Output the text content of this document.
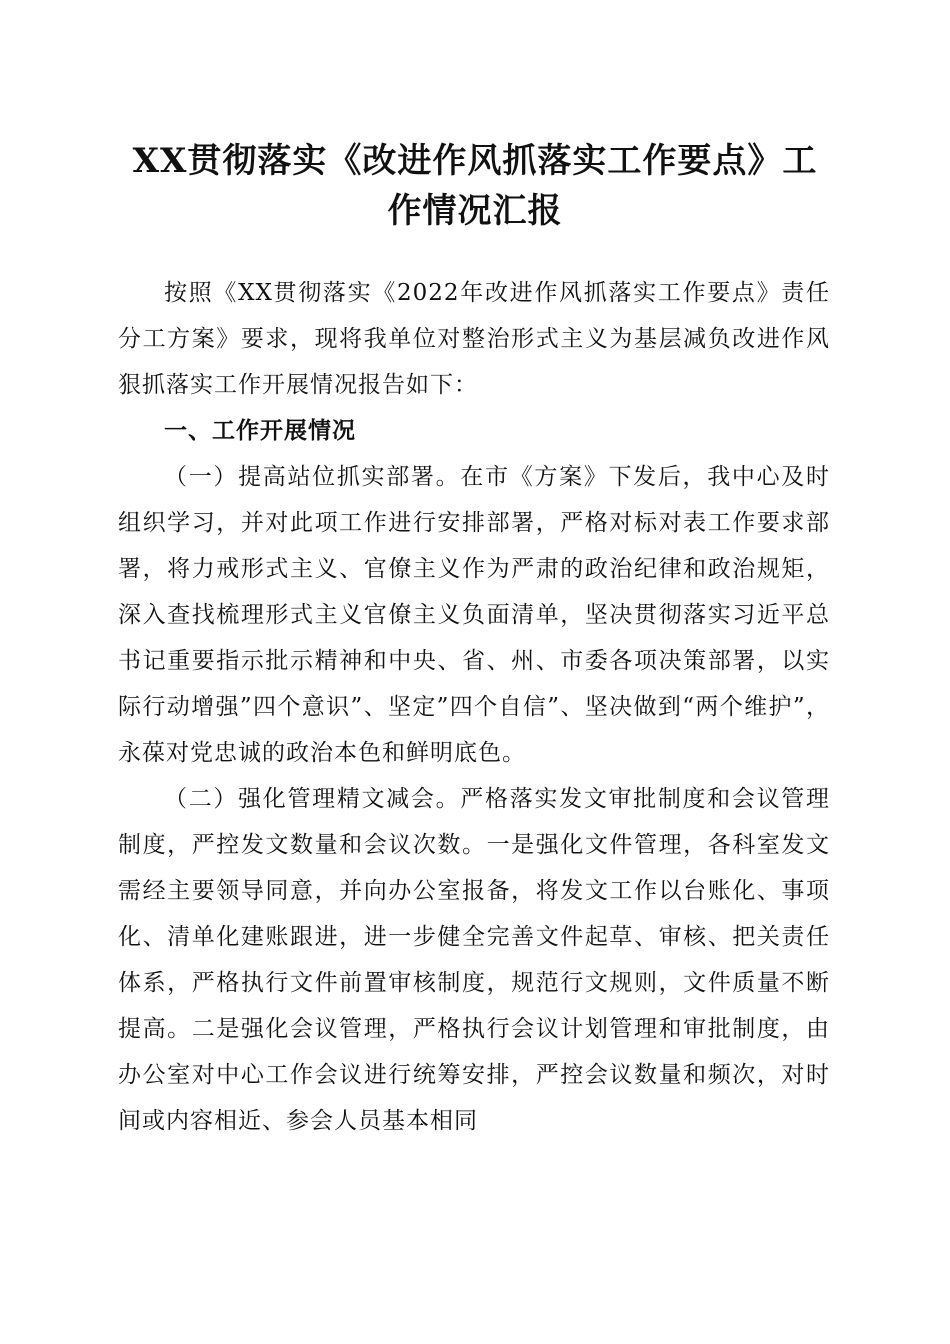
XX贯彻落实《改进作风抓落实工作要点》工
作情况汇报

按照《XX贯彻落实《2022年改进作风抓落实工作要点》责任分工方案》要求，现将我单位对整治形式主义为基层减负改进作风狠抓落实工作开展情况报告如下：

一、工作开展情况

（一）提高站位抓实部署。在市《方案》下发后，我中心及时组织学习，并对此项工作进行安排部署，严格对标对表工作要求部署，将力戒形式主义、官僚主义作为严肃的政治纪律和政治规矩，深入查找梳理形式主义官僚主义负面清单，坚决贯彻落实习近平总书记重要指示批示精神和中央、省、州、市委各项决策部署，以实际行动增强”四个意识”、坚定”四个自信”、坚决做到“两个维护”，永葆对党忠诚的政治本色和鲜明底色。

（二）强化管理精文减会。严格落实发文审批制度和会议管理制度，严控发文数量和会议次数。一是强化文件管理，各科室发文需经主要领导同意，并向办公室报备，将发文工作以台账化、事项化、清单化建账跟进，进一步健全完善文件起草、审核、把关责任体系，严格执行文件前置审核制度，规范行文规则，文件质量不断提高。二是强化会议管理，严格执行会议计划管理和审批制度，由办公室对中心工作会议进行统筹安排，严控会议数量和频次，对时间或内容相近、参会人员基本相同
